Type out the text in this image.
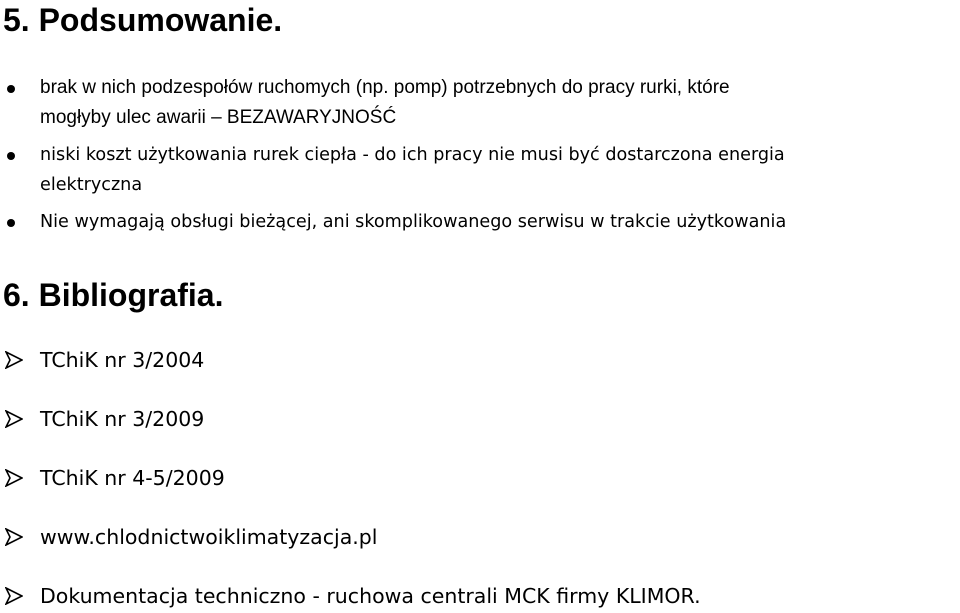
5. Podsumowanie.
brak w nich podzespołów ruchomych (np. pomp) potrzebnych do pracy rurki, które
mogłyby ulec awarii – BEZAWARYJNOŚĆ
niski koszt użytkowania rurek ciepła - do ich pracy nie musi być dostarczona energia
elektryczna
Nie wymagają obsługi bieżącej, ani skomplikowanego serwisu w trakcie użytkowania
6. Bibliografia.
TChiK nr 3/2004
TChiK nr 3/2009
TChiK nr 4-5/2009
www.chlodnictwoiklimatyzacja.pl
Dokumentacja techniczno - ruchowa centrali MCK firmy KLIMOR.
